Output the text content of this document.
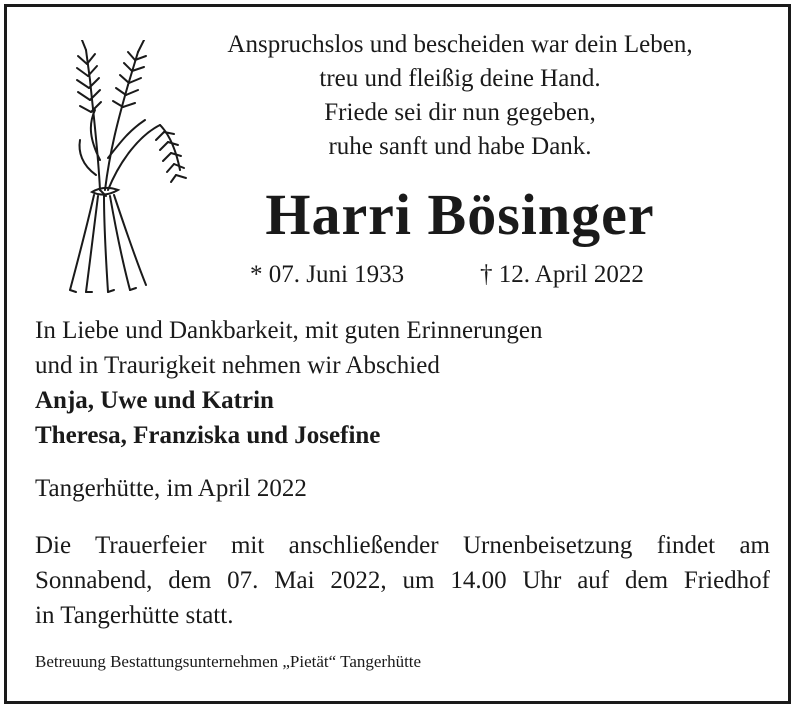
Anspruchslos und bescheiden war dein Leben,
treu und fleißig deine Hand.
Friede sei dir nun gegeben,
ruhe sanft und habe Dank.
Harri Bösinger
* 07. Juni 1933	† 12. April 2022
In Liebe und Dankbarkeit, mit guten Erinnerungen
und in Traurigkeit nehmen wir Abschied
Anja, Uwe und Katrin
Theresa, Franziska und Josefine
Tangerhütte, im April 2022
Die Trauerfeier mit anschließender Urnenbeisetzung findet am
Sonnabend, dem 07. Mai 2022, um 14.00 Uhr auf dem Friedhof
in Tangerhütte statt.
Betreuung Bestattungsunternehmen „Pietät“ Tangerhütte
